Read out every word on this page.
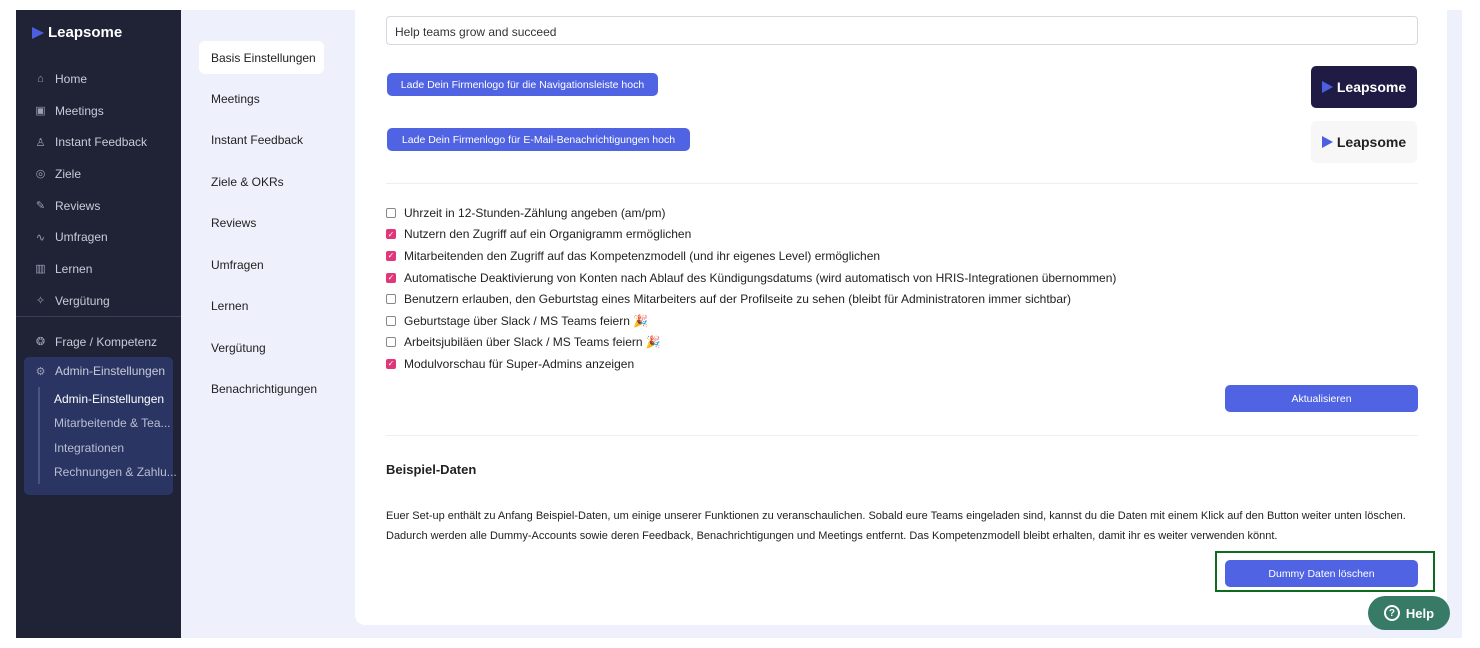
Leapsome
⌂ Home
▣ Meetings
♙ Instant Feedback
◎ Ziele
✎ Reviews
∿ Umfragen
▥ Lernen
✧ Vergütung
❂ Frage / Kompetenz
⚙ Admin-Einstellungen
Admin-Einstellungen
Mitarbeitende & Tea...
Integrationen
Rechnungen & Zahlu...
Basis Einstellungen
Meetings
Instant Feedback
Ziele & OKRs
Reviews
Umfragen
Lernen
Vergütung
Benachrichtigungen
Help teams grow and succeed
Lade Dein Firmenlogo für die Navigationsleiste hoch	Leapsome
Lade Dein Firmenlogo für E-Mail-Benachrichtigungen hoch	Leapsome
Uhrzeit in 12-Stunden-Zählung angeben (am/pm)
✓ Nutzern den Zugriff auf ein Organigramm ermöglichen
✓ Mitarbeitenden den Zugriff auf das Kompetenzmodell (und ihr eigenes Level) ermöglichen
✓ Automatische Deaktivierung von Konten nach Ablauf des Kündigungsdatums (wird automatisch von HRIS-Integrationen übernommen)
Benutzern erlauben, den Geburtstag eines Mitarbeiters auf der Profilseite zu sehen (bleibt für Administratoren immer sichtbar)
Geburtstage über Slack / MS Teams feiern 🎉
Arbeitsjubiläen über Slack / MS Teams feiern 🎉
✓ Modulvorschau für Super-Admins anzeigen
Aktualisieren
Beispiel-Daten
Euer Set-up enthält zu Anfang Beispiel-Daten, um einige unserer Funktionen zu veranschaulichen. Sobald eure Teams eingeladen sind, kannst du die Daten mit einem Klick auf den Button weiter unten löschen. Dadurch werden alle Dummy-Accounts sowie deren Feedback, Benachrichtigungen und Meetings entfernt. Das Kompetenzmodell bleibt erhalten, damit ihr es weiter verwenden könnt.
Dummy Daten löschen
? Help
